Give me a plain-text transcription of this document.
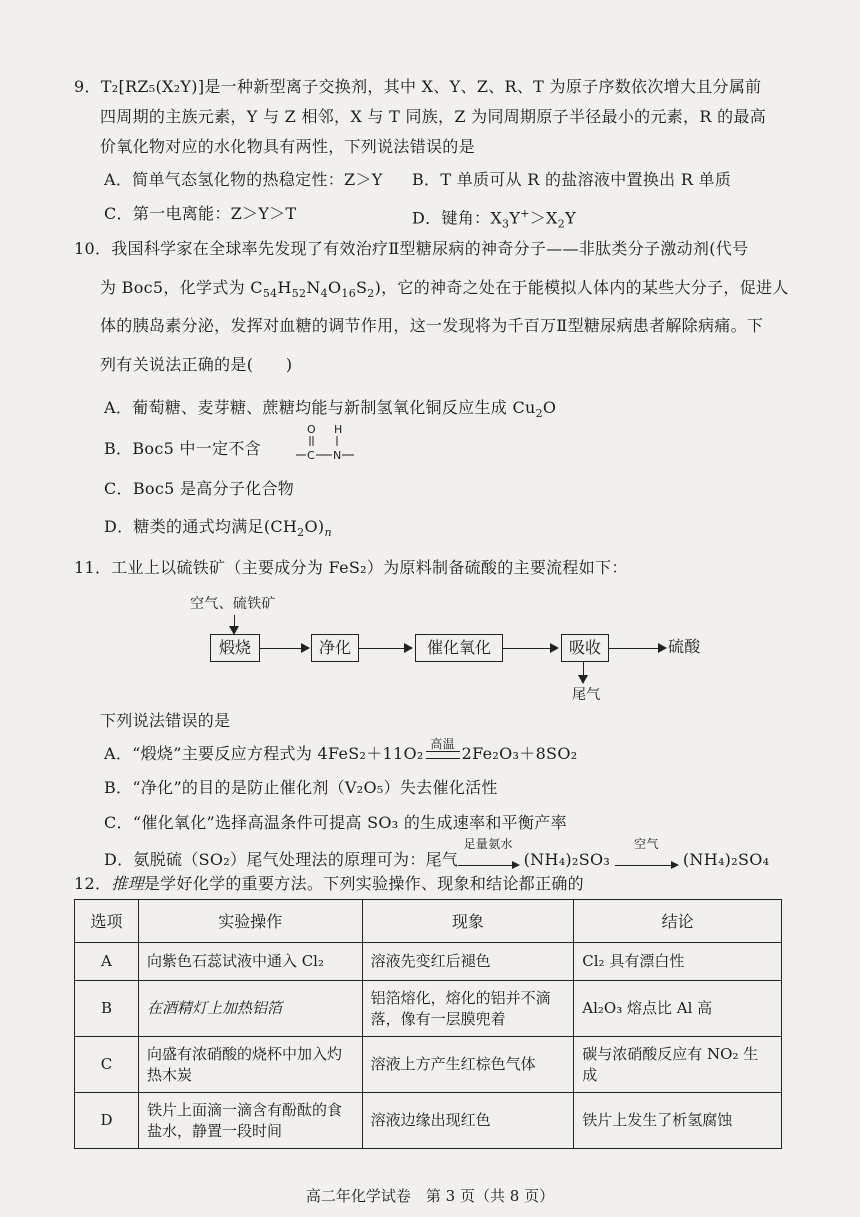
9．T₂[RZ₅(X₂Y)]是一种新型离子交换剂，其中 X、Y、Z、R、T 为原子序数依次增大且分属前
四周期的主族元素，Y 与 Z 相邻，X 与 T 同族，Z 为同周期原子半径最小的元素，R 的最高
价氧化物对应的水化物具有两性，下列说法错误的是
A．简单气态氢化物的热稳定性：Z＞Y B．T 单质可从 R 的盐溶液中置换出 R 单质
C．第一电离能：Z＞Y＞T	D．键角：$X_3Y^+>X_2Y$
10．我国科学家在全球率先发现了有效治疗Ⅱ型糖尿病的神奇分子——非肽类分子激动剂(代号
为 Boc5，化学式为 $C_{54}H_{52}N_4O_{16}S_2$)，它的神奇之处在于能模拟人体内的某些大分子，促进人
体的胰岛素分泌，发挥对血糖的调节作用，这一发现将为千百万Ⅱ型糖尿病患者解除病痛。下
列有关说法正确的是(　　)
A．葡萄糖、麦芽糖、蔗糖均能与新制氢氧化铜反应生成 $Cu_2O$
B．Boc5 中一定不含
O H
C N
C．Boc5 是高分子化合物
D．糖类的通式均满足$(CH_2O)_n$
11．工业上以硫铁矿（主要成分为 FeS₂）为原料制备硫酸的主要流程如下：
空气、硫铁矿
煅烧	净化	催化氧化	吸收	硫酸
尾气
下列说法错误的是
A．“煅烧”主要反应方程式为 4FeS₂＋11O₂
高温
2Fe₂O₃＋8SO₂
B．“净化”的目的是防止催化剂（V₂O₅）失去催化活性
C．“催化氧化”选择高温条件可提高 SO₃ 的生成速率和平衡产率
D．氨脱硫（SO₂）尾气处理法的原理可为：尾气
足量氨水
(NH₄)₂SO₃
空气
(NH₄)₂SO₄
12．推理是学好化学的重要方法。下列实验操作、现象和结论都正确的
选项	实验操作	现象	结论
A	向紫色石蕊试液中通入 Cl₂	溶液先变红后褪色	Cl₂ 具有漂白性
B	在酒精灯上加热铝箔	铝箔熔化，熔化的铝并不滴落，像有一层膜兜着	Al₂O₃ 熔点比 Al 高
C	向盛有浓硝酸的烧杯中加入灼热木炭	溶液上方产生红棕色气体	碳与浓硝酸反应有 NO₂ 生成
D	铁片上面滴一滴含有酚酞的食盐水，静置一段时间	溶液边缘出现红色	铁片上发生了析氢腐蚀
高二年化学试卷　第 3 页（共 8 页）
